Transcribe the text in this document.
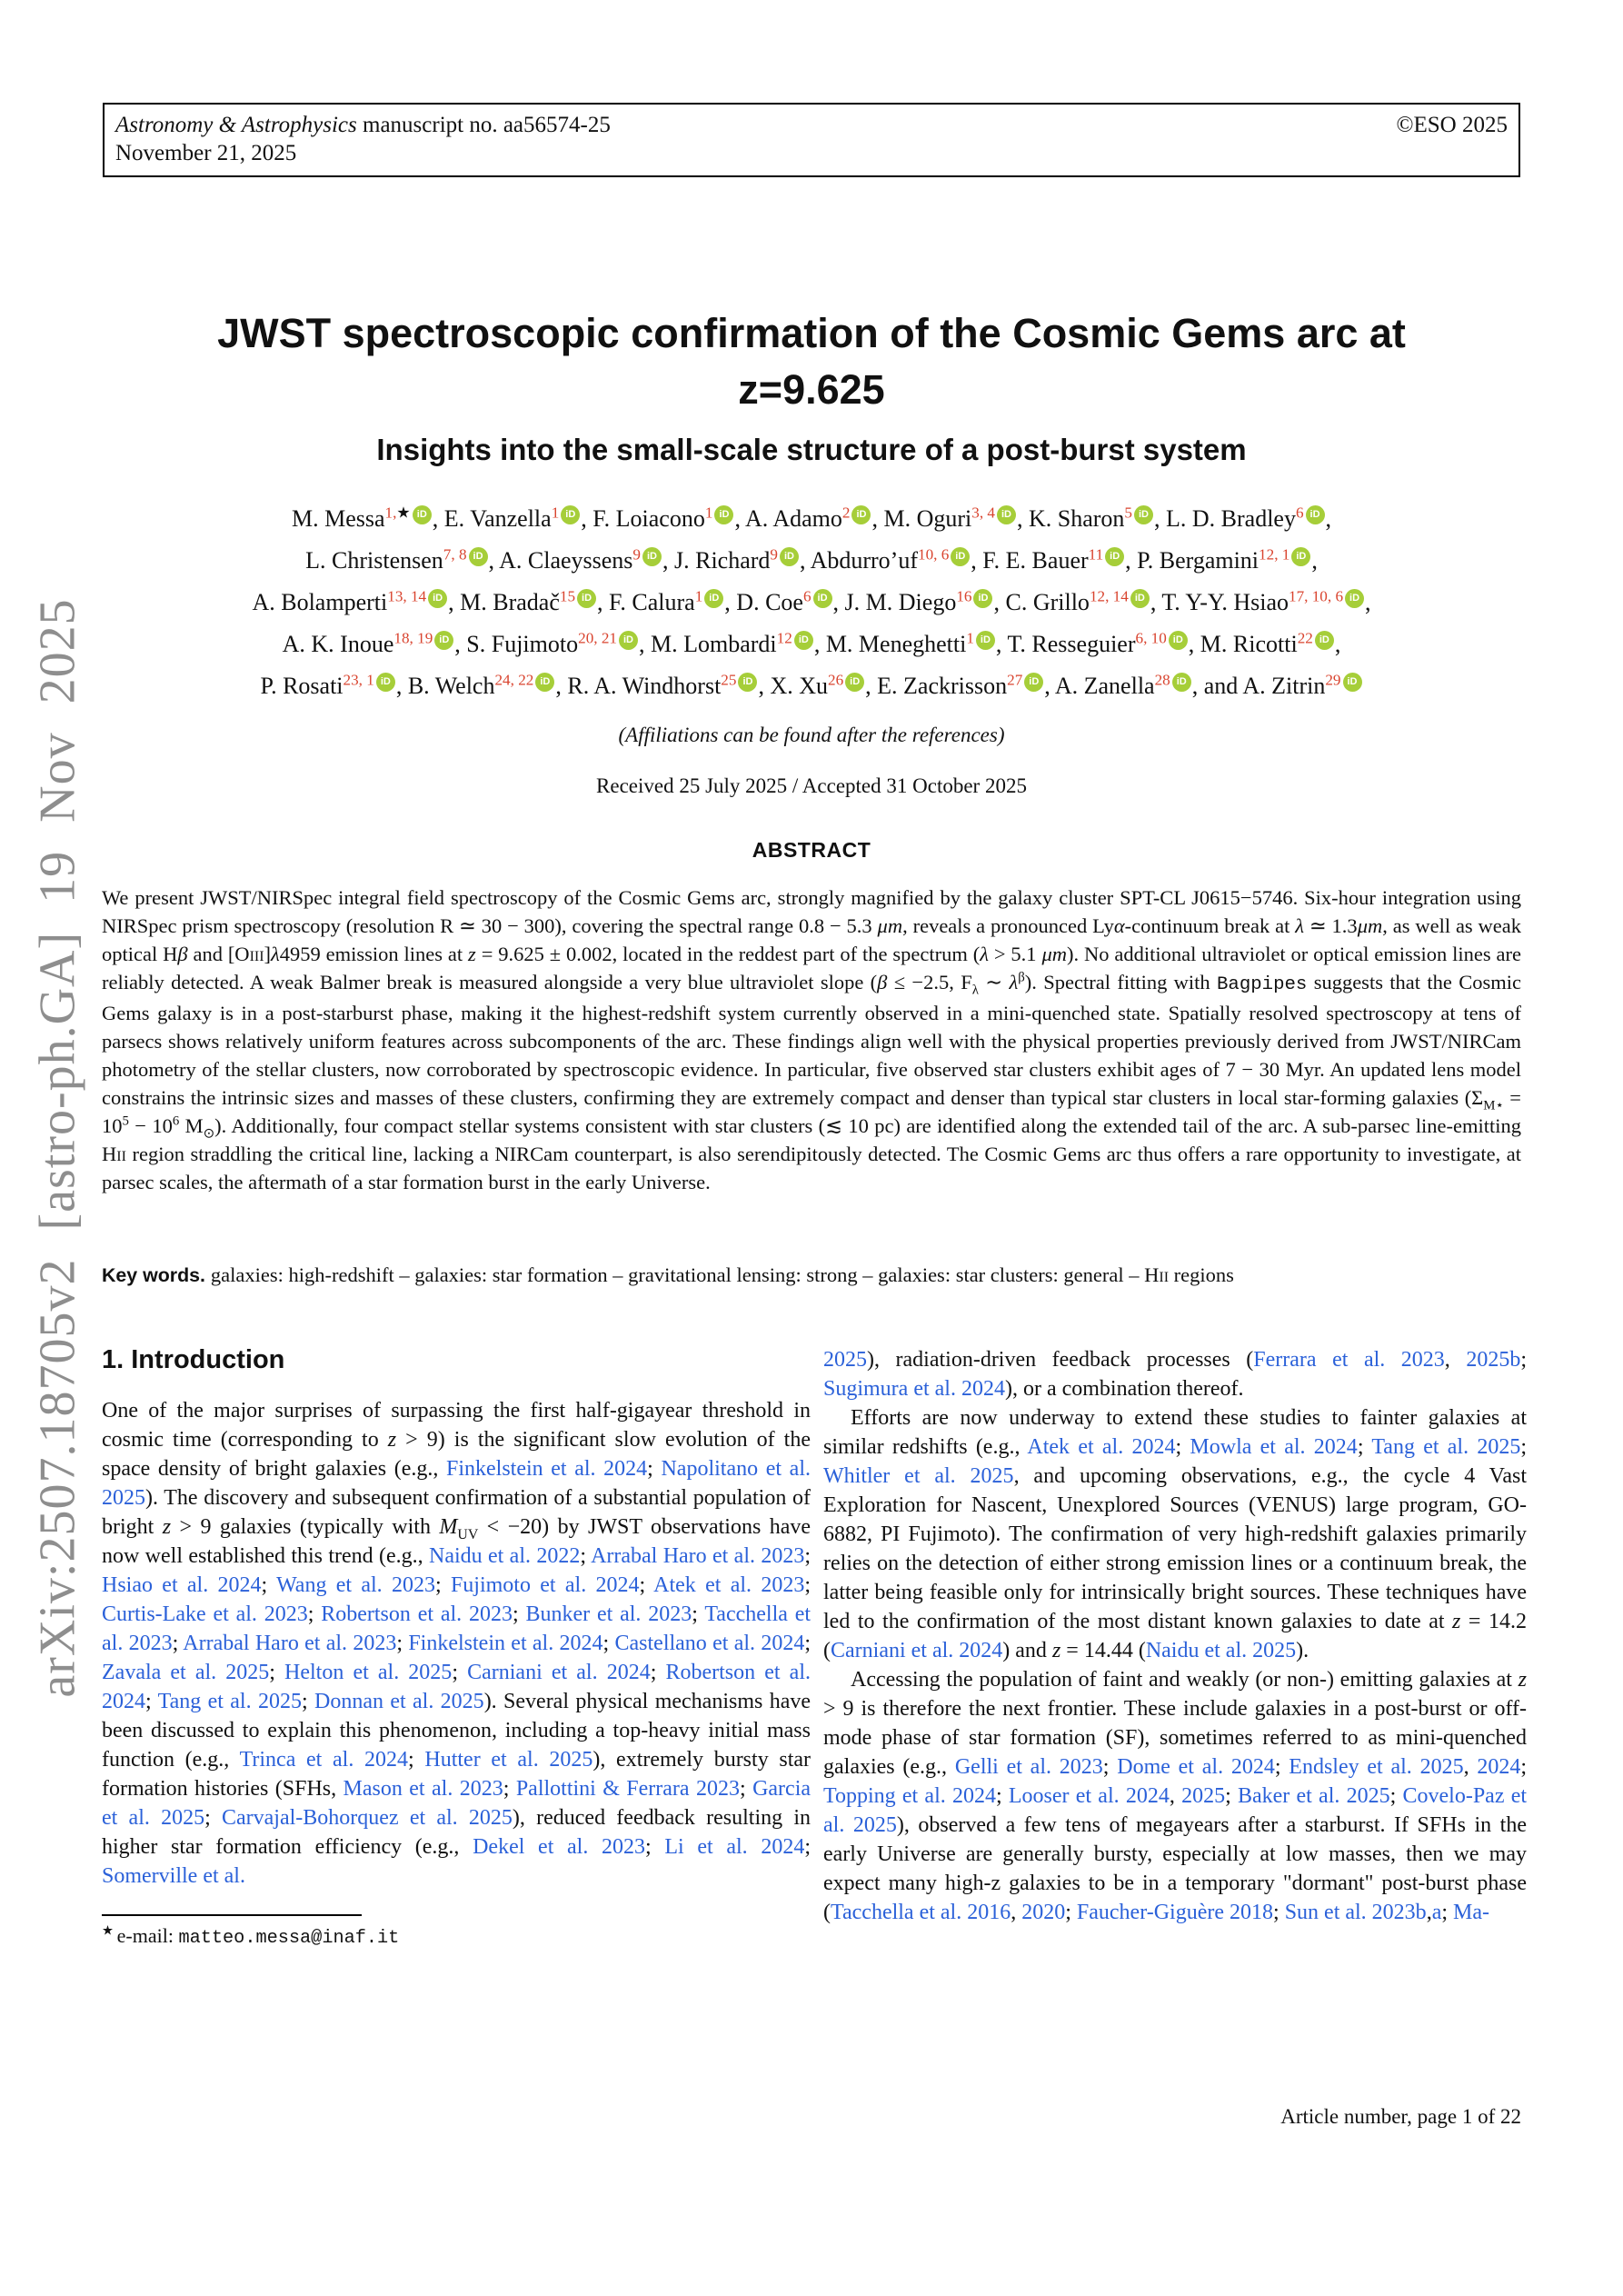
arXiv:2507.18705v2 [astro-ph.GA] 19 Nov 2025
Astronomy & Astrophysics manuscript no. aa56574-25
November 21, 2025
©ESO 2025
JWST spectroscopic confirmation of the Cosmic Gems arc at
z=9.625
Insights into the small-scale structure of a post-burst system
M. Messa$^{1,★}$ iD , E. Vanzella$^1$ iD , F. Loiacono$^1$ iD , A. Adamo$^2$ iD , M. Oguri$^{3, 4}$ iD , K. Sharon$^5$ iD , L. D. Bradley$^6$ iD ,
L. Christensen$^{7, 8}$ iD , A. Claeyssens$^9$ iD , J. Richard$^9$ iD , Abdurro’uf$^{10, 6}$ iD , F. E. Bauer$^{11}$ iD , P. Bergamini$^{12, 1}$ iD ,
A. Bolamperti$^{13, 14}$ iD , M. Bradač$^{15}$ iD , F. Calura$^1$ iD , D. Coe$^6$ iD , J. M. Diego$^{16}$ iD , C. Grillo$^{12, 14}$ iD , T. Y-Y. Hsiao$^{17, 10, 6}$ iD ,
A. K. Inoue$^{18, 19}$ iD , S. Fujimoto$^{20, 21}$ iD , M. Lombardi$^{12}$ iD , M. Meneghetti$^1$ iD , T. Resseguier$^{6, 10}$ iD , M. Ricotti$^{22}$ iD ,
P. Rosati$^{23, 1}$ iD , B. Welch$^{24, 22}$ iD , R. A. Windhorst$^{25}$ iD , X. Xu$^{26}$ iD , E. Zackrisson$^{27}$ iD , A. Zanella$^{28}$ iD , and A. Zitrin$^{29}$ iD
(Affiliations can be found after the references)
Received 25 July 2025 / Accepted 31 October 2025
ABSTRACT
We present JWST/NIRSpec integral field spectroscopy of the Cosmic Gems arc, strongly magnified by the galaxy cluster SPT-CL J0615−5746. Six-hour integration using NIRSpec prism spectroscopy (resolution R ≃ 30 − 300), covering the spectral range 0.8 − 5.3 μm, reveals a pronounced Lyα-continuum break at λ ≃ 1.3μm, as well as weak optical Hβ and [Oiii]λ4959 emission lines at z = 9.625 ± 0.002, located in the reddest part of the spectrum (λ > 5.1 μm). No additional ultraviolet or optical emission lines are reliably detected. A weak Balmer break is measured alongside a very blue ultraviolet slope (β ≤ −2.5, $F_\lambda$ ∼ $\lambda^\beta$). Spectral fitting with Bagpipes suggests that the Cosmic Gems galaxy is in a post-starburst phase, making it the highest-redshift system currently observed in a mini-quenched state. Spatially resolved spectroscopy at tens of parsecs shows relatively uniform features across subcomponents of the arc. These findings align well with the physical properties previously derived from JWST/NIRCam photometry of the stellar clusters, now corroborated by spectroscopic evidence. In particular, five observed star clusters exhibit ages of 7 − 30 Myr. An updated lens model constrains the intrinsic sizes and masses of these clusters, confirming they are extremely compact and denser than typical star clusters in local star-forming galaxies ($\Sigma_{M⋆} = 10^5 - 10^6$ $M_⊙$). Additionally, four compact stellar systems consistent with star clusters (≲ 10 pc) are identified along the extended tail of the arc. A sub-parsec line-emitting Hii region straddling the critical line, lacking a NIRCam counterpart, is also serendipitously detected. The Cosmic Gems arc thus offers a rare opportunity to investigate, at parsec scales, the aftermath of a star formation burst in the early Universe.
Key words. galaxies: high-redshift – galaxies: star formation – gravitational lensing: strong – galaxies: star clusters: general – Hii regions
1. Introduction

One of the major surprises of surpassing the first half-gigayear threshold in cosmic time (corresponding to z > 9) is the significant slow evolution of the space density of bright galaxies (e.g., Finkelstein et al. 2024; Napolitano et al. 2025). The discovery and subsequent confirmation of a substantial population of bright z > 9 galaxies (typically with $M_{UV} < -20$) by JWST observations have now well established this trend (e.g., Naidu et al. 2022; Arrabal Haro et al. 2023; Hsiao et al. 2024; Wang et al. 2023; Fujimoto et al. 2024; Atek et al. 2023; Curtis-Lake et al. 2023; Robertson et al. 2023; Bunker et al. 2023; Tacchella et al. 2023; Arrabal Haro et al. 2023; Finkelstein et al. 2024; Castellano et al. 2024; Zavala et al. 2025; Helton et al. 2025; Carniani et al. 2024; Robertson et al. 2024; Tang et al. 2025; Donnan et al. 2025). Several physical mechanisms have been discussed to explain this phenomenon, including a top-heavy initial mass function (e.g., Trinca et al. 2024; Hutter et al. 2025), extremely bursty star formation histories (SFHs, Mason et al. 2023; Pallottini & Ferrara 2023; Garcia et al. 2025; Carvajal-Bohorquez et al. 2025), reduced feedback resulting in higher star formation efficiency (e.g., Dekel et al. 2023; Li et al. 2024; Somerville et al.

★ e-mail: matteo.messa@inaf.it

2025), radiation-driven feedback processes (Ferrara et al. 2023, 2025b; Sugimura et al. 2024), or a combination thereof.

Efforts are now underway to extend these studies to fainter galaxies at similar redshifts (e.g., Atek et al. 2024; Mowla et al. 2024; Tang et al. 2025; Whitler et al. 2025, and upcoming observations, e.g., the cycle 4 Vast Exploration for Nascent, Unexplored Sources (VENUS) large program, GO-6882, PI Fujimoto). The confirmation of very high-redshift galaxies primarily relies on the detection of either strong emission lines or a continuum break, the latter being feasible only for intrinsically bright sources. These techniques have led to the confirmation of the most distant known galaxies to date at z = 14.2 (Carniani et al. 2024) and z = 14.44 (Naidu et al. 2025).

Accessing the population of faint and weakly (or non-) emitting galaxies at z > 9 is therefore the next frontier. These include galaxies in a post-burst or off-mode phase of star formation (SF), sometimes referred to as mini-quenched galaxies (e.g., Gelli et al. 2023; Dome et al. 2024; Endsley et al. 2025, 2024; Topping et al. 2024; Looser et al. 2024, 2025; Baker et al. 2025; Covelo-Paz et al. 2025), observed a few tens of megayears after a starburst. If SFHs in the early Universe are generally bursty, especially at low masses, then we may expect many high-z galaxies to be in a temporary "dormant" post-burst phase (Tacchella et al. 2016, 2020; Faucher-Giguère 2018; Sun et al. 2023b,a; Ma-

Article number, page 1 of 22
